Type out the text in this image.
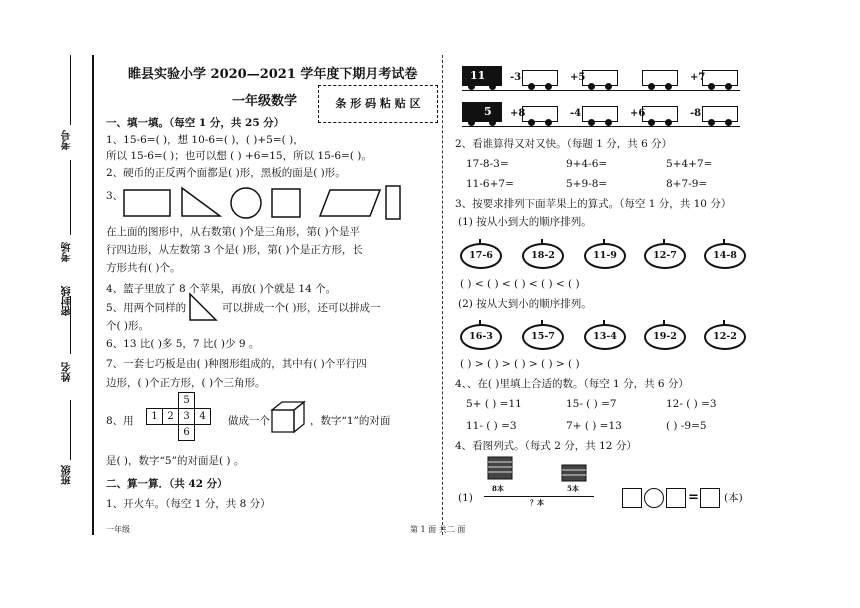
考号
考场
密封线
姓名
班级
睢县实验小学 2020—2021 学年度下期月考试卷
一年级数学	条 形 码 粘 贴 区
一、填一填。（每空 1 分，共 25 分）
1、15-6=( )，想 10-6=( )，( )+5=( )，
所以 15-6=( )；也可以想 ( ) +6=15，所以 15-6=( )。
2、硬币的正反两个面都是( )形，黑板的面是( )形。
3、
在上面的图形中，从右数第( )个是三角形，第( )个是平
行四边形，从左数第 3 个是( )形，第( )个是正方形，长
方形共有( )个。
4、篮子里放了 8 个苹果，再放( )个就是 14 个。
5、用两个同样的	可以拼成一个( )形，还可以拼成一
个( )形。
6、13 比( )多 5，7 比( )少 9 。
7、一套七巧板是由( )种图形组成的，其中有( )个平行四
边形，( )个正方形，( )个三角形。
8、用
5
1 2 3 4
6
做成一个	，数字“1”的对面
是( )，数字“5”的对面是( ) 。
二、算一算．（共 42 分）
1、开火车。（每空 1 分，共 8 分）
一年级
11 -3	+5	+7
5 +8	-4	+6	-8
2、看谁算得又对又快。（每题 1 分，共 6 分）
17-8-3=	9+4-6=	5+4+7=
11-6+7=	5+9-8=	8+7-9=
3、按要求排列下面苹果上的算式。（每空 1 分，共 10 分）
(1) 按从小到大的顺序排列。
17-6	18-2	11-9	12-7	14-8
( ) < ( ) < ( ) < ( ) < ( )
(2) 按从大到小的顺序排列。
16-3	15-7	13-4	19-2	12-2
( ) > ( ) > ( ) > ( ) > ( )
4、、在( )里填上合适的数。（每空 1 分，共 6 分）
5+ ( ) =11	15- ( ) =7	12- ( ) =3
11- ( ) =3	7+ ( ) =13	( ) -9=5
4、看图列式。（每式 2 分，共 12 分）
(1)
8本	5本
？本	= (本)
第 1 面 共二 面
